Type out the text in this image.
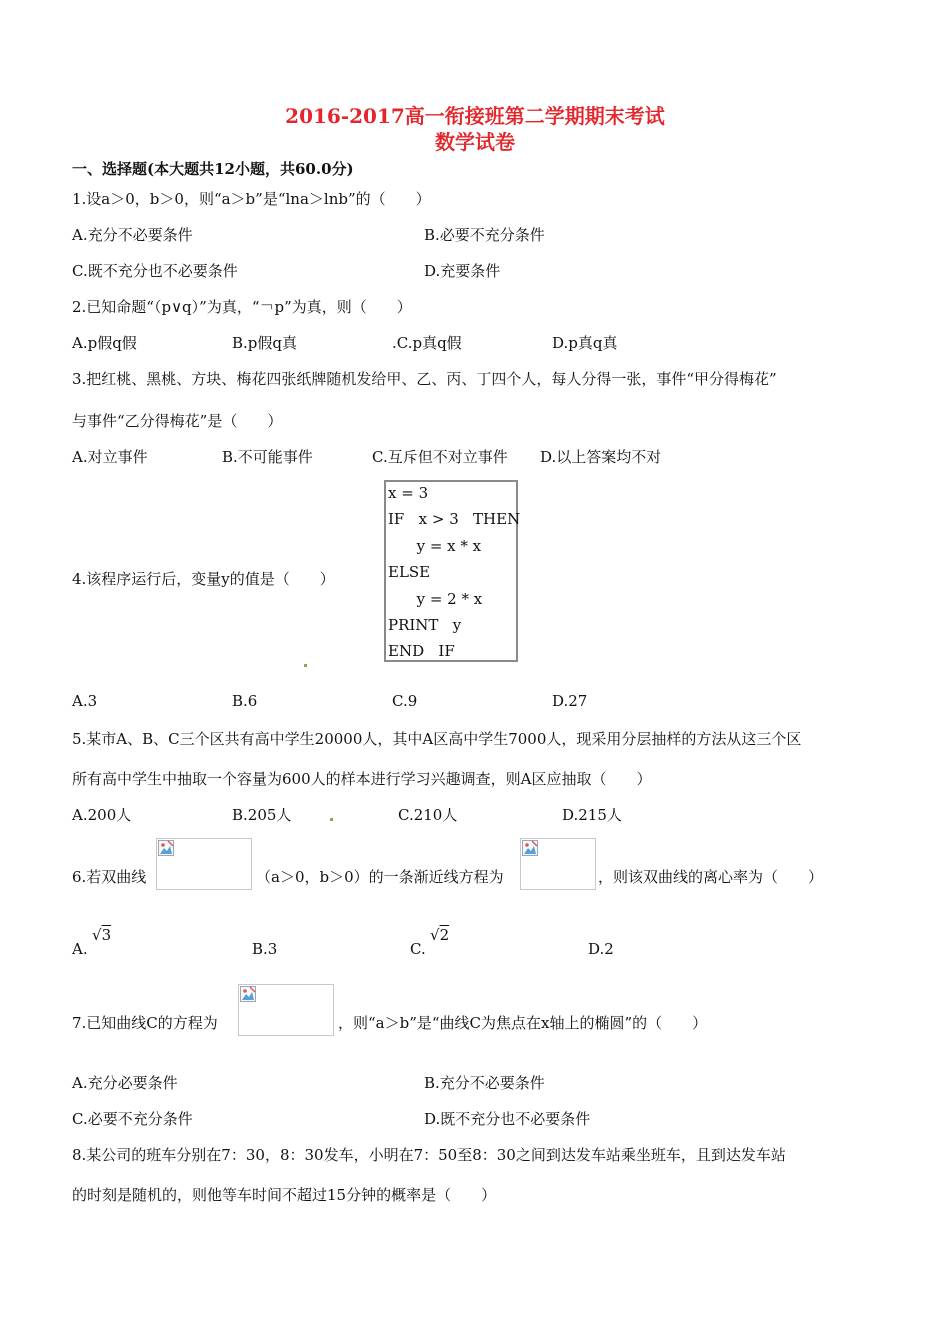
2016-2017高一衔接班第二学期期末考试
数学试卷
一、选择题(本大题共12小题，共60.0分)
1.设a＞0，b＞0，则“a＞b”是“lna＞lnb”的（　　）
A.充分不必要条件	B.必要不充分条件
C.既不充分也不必要条件	D.充要条件
2.已知命题“（p∨q）”为真，“￢p”为真，则（　　）
A.p假q假	B.p假q真	.C.p真q假	D.p真q真
3.把红桃、黑桃、方块、梅花四张纸牌随机发给甲、乙、丙、丁四个人，每人分得一张，事件“甲分得梅花”
与事件“乙分得梅花”是（　　）
A.对立事件	B.不可能事件	C.互斥但不对立事件 D.以上答案均不对
4.该程序运行后，变量y的值是（　　）
x = 3
IF   x > 3   THEN
y = x * x
ELSE
y = 2 * x
PRINT   y
END   IF
A.3	B.6	C.9	D.27
5.某市A、B、C三个区共有高中学生20000人，其中A区高中学生7000人，现采用分层抽样的方法从这三个区
所有高中学生中抽取一个容量为600人的样本进行学习兴趣调查，则A区应抽取（　　）
A.200人	B.205人	C.210人	D.215人
6.若双曲线	（a＞0，b＞0）的一条渐近线方程为	，则该双曲线的离心率为（　　）
A.
√3
B.3	C.
√2
D.2
7.已知曲线C的方程为	，则“a＞b”是“曲线C为焦点在x轴上的椭圆”的（　　）
A.充分必要条件	B.充分不必要条件
C.必要不充分条件	D.既不充分也不必要条件
8.某公司的班车分别在7：30，8：30发车，小明在7：50至8：30之间到达发车站乘坐班车，且到达发车站
的时刻是随机的，则他等车时间不超过15分钟的概率是（　　）
